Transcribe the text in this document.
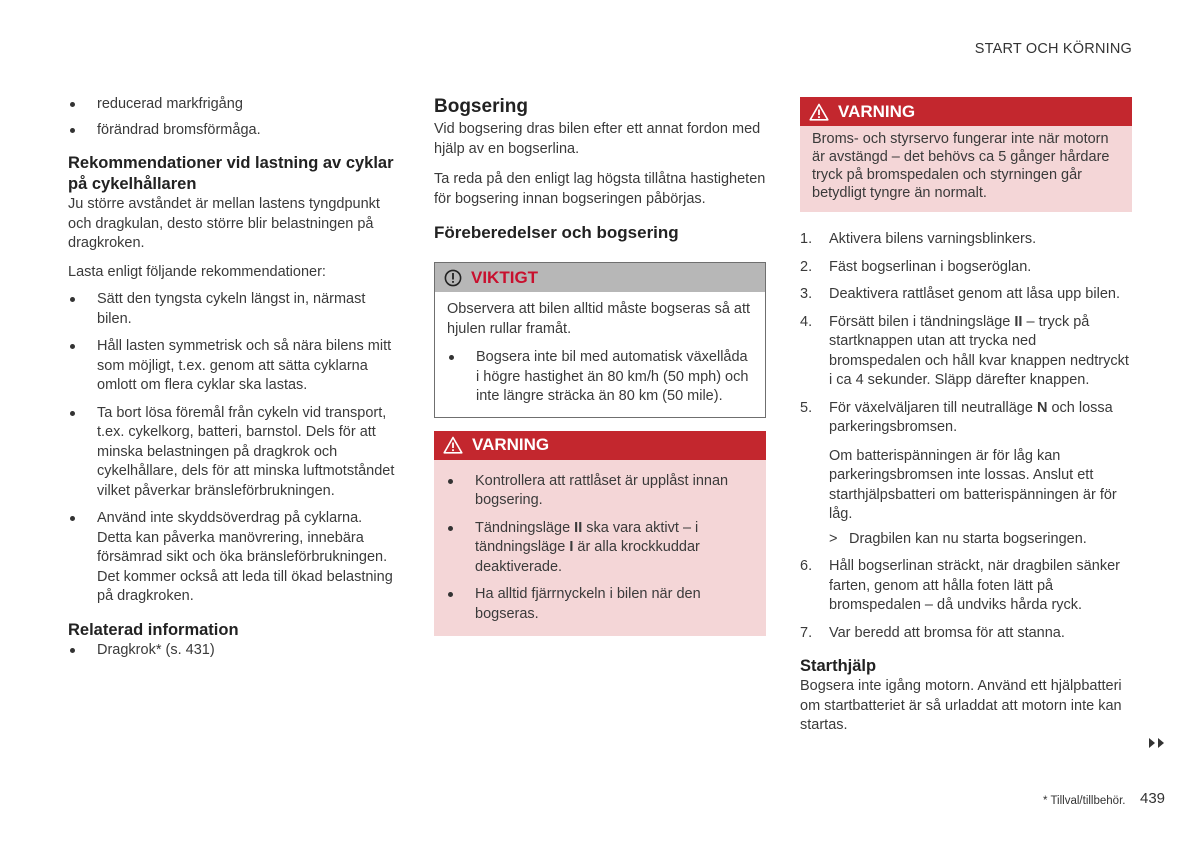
START OCH KÖRNING
reducerad markfrigång
förändrad bromsförmåga.
Rekommendationer vid lastning av cyklar på cykelhållaren

Ju större avståndet är mellan lastens tyngdpunkt och dragkulan, desto större blir belastningen på dragkroken.

Lasta enligt följande rekommendationer:

Sätt den tyngsta cykeln längst in, närmast bilen.
Håll lasten symmetrisk och så nära bilens mitt som möjligt, t.ex. genom att sätta cyklarna omlott om flera cyklar ska lastas.
Ta bort lösa föremål från cykeln vid transport, t.ex. cykelkorg, batteri, barnstol. Dels för att minska belastningen på dragkrok och cykelhållare, dels för att minska luftmotståndet vilket påverkar bränsleförbrukningen.
Använd inte skyddsöverdrag på cyklarna. Detta kan påverka manövrering, innebära försämrad sikt och öka bränsleförbrukningen. Det kommer också att leda till ökad belastning på dragkroken.
Relaterad information
Dragkrok* (s. 431)
Bogsering

Vid bogsering dras bilen efter ett annat fordon med hjälp av en bogserlina.

Ta reda på den enligt lag högsta tillåtna hastigheten för bogsering innan bogseringen påbörjas.

Föreberedelser och bogsering
VIKTIGT

Observera att bilen alltid måste bogseras så att hjulen rullar framåt.

Bogsera inte bil med automatisk växellåda i högre hastighet än 80 km/h (50 mph) och inte längre sträcka än 80 km (50 mile).
VARNING
Kontrollera att rattlåset är upplåst innan bogsering.
Tändningsläge II ska vara aktivt – i tändningsläge I är alla krockkuddar deaktiverade.
Ha alltid fjärrnyckeln i bilen när den bogseras.
VARNING

Broms- och styrservo fungerar inte när motorn är avstängd – det behövs ca 5 gånger hårdare tryck på bromspedalen och styrningen går betydligt tyngre än normalt.

1. Aktivera bilens varningsblinkers.
2. Fäst bogserlinan i bogseröglan.
3. Deaktivera rattlåset genom att låsa upp bilen.
4. Försätt bilen i tändningsläge II – tryck på startknappen utan att trycka ned bromspedalen och håll kvar knappen nedtryckt i ca 4 sekunder. Släpp därefter knappen.
5. För växelväljaren till neutralläge N och lossa parkeringsbromsen.

Om batterispänningen är för låg kan parkeringsbromsen inte lossas. Anslut ett starthjälpsbatteri om batterispänningen är för låg.

> Dragbilen kan nu starta bogseringen.

6. Håll bogserlinan sträckt, när dragbilen sänker farten, genom att hålla foten lätt på bromspedalen – då undviks hårda ryck.
7. Var beredd att bromsa för att stanna.
Starthjälp

Bogsera inte igång motorn. Använd ett hjälpbatteri om startbatteriet är så urladdat att motorn inte kan startas.

* Tillval/tillbehör. 439
